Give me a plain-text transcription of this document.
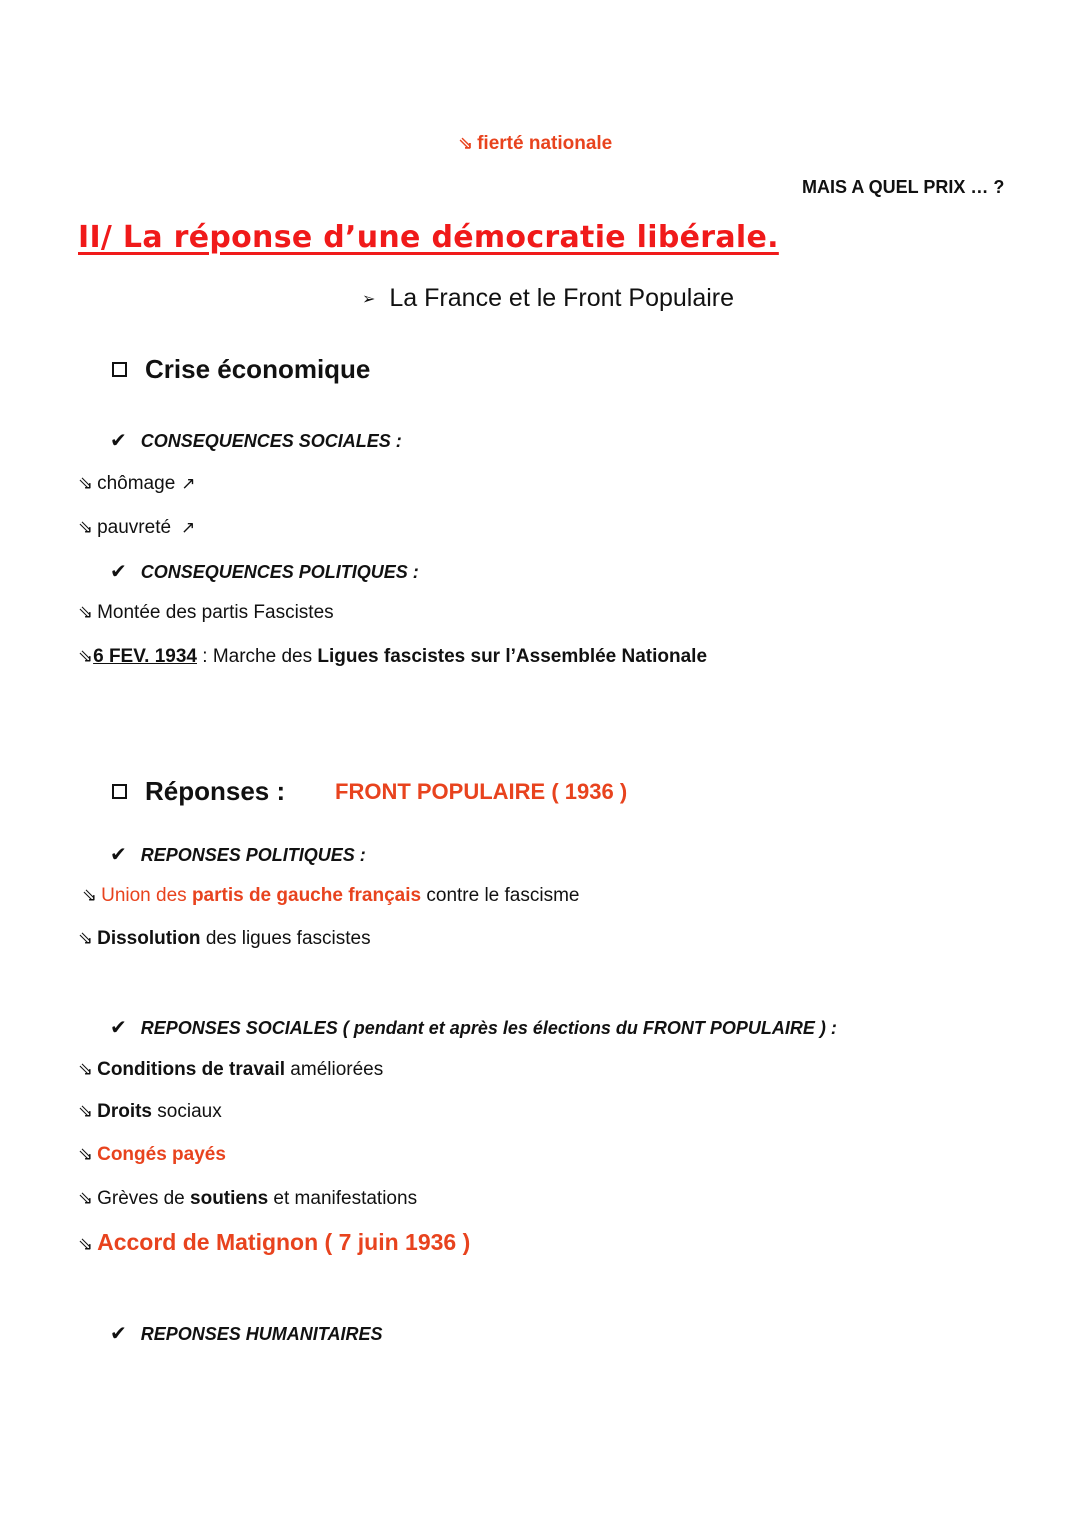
⇘ fierté nationale
MAIS A QUEL PRIX … ?
II/ La réponse d’une démocratie libérale.
➢ La France et le Front Populaire
Crise économique
✔ CONSEQUENCES SOCIALES :
⇘ chômage ↗
⇘ pauvreté ↗
✔ CONSEQUENCES POLITIQUES :
⇘ Montée des partis Fascistes
⇘6 FEV. 1934 : Marche des Ligues fascistes sur l’Assemblée Nationale
Réponses : FRONT POPULAIRE ( 1936 )
✔ REPONSES POLITIQUES :
⇘ Union des partis de gauche français contre le fascisme
⇘ Dissolution des ligues fascistes
✔ REPONSES SOCIALES ( pendant et après les élections du FRONT POPULAIRE ) :
⇘ Conditions de travail améliorées
⇘ Droits sociaux
⇘ Congés payés
⇘ Grèves de soutiens et manifestations
⇘ Accord de Matignon ( 7 juin 1936 )
✔ REPONSES HUMANITAIRES
